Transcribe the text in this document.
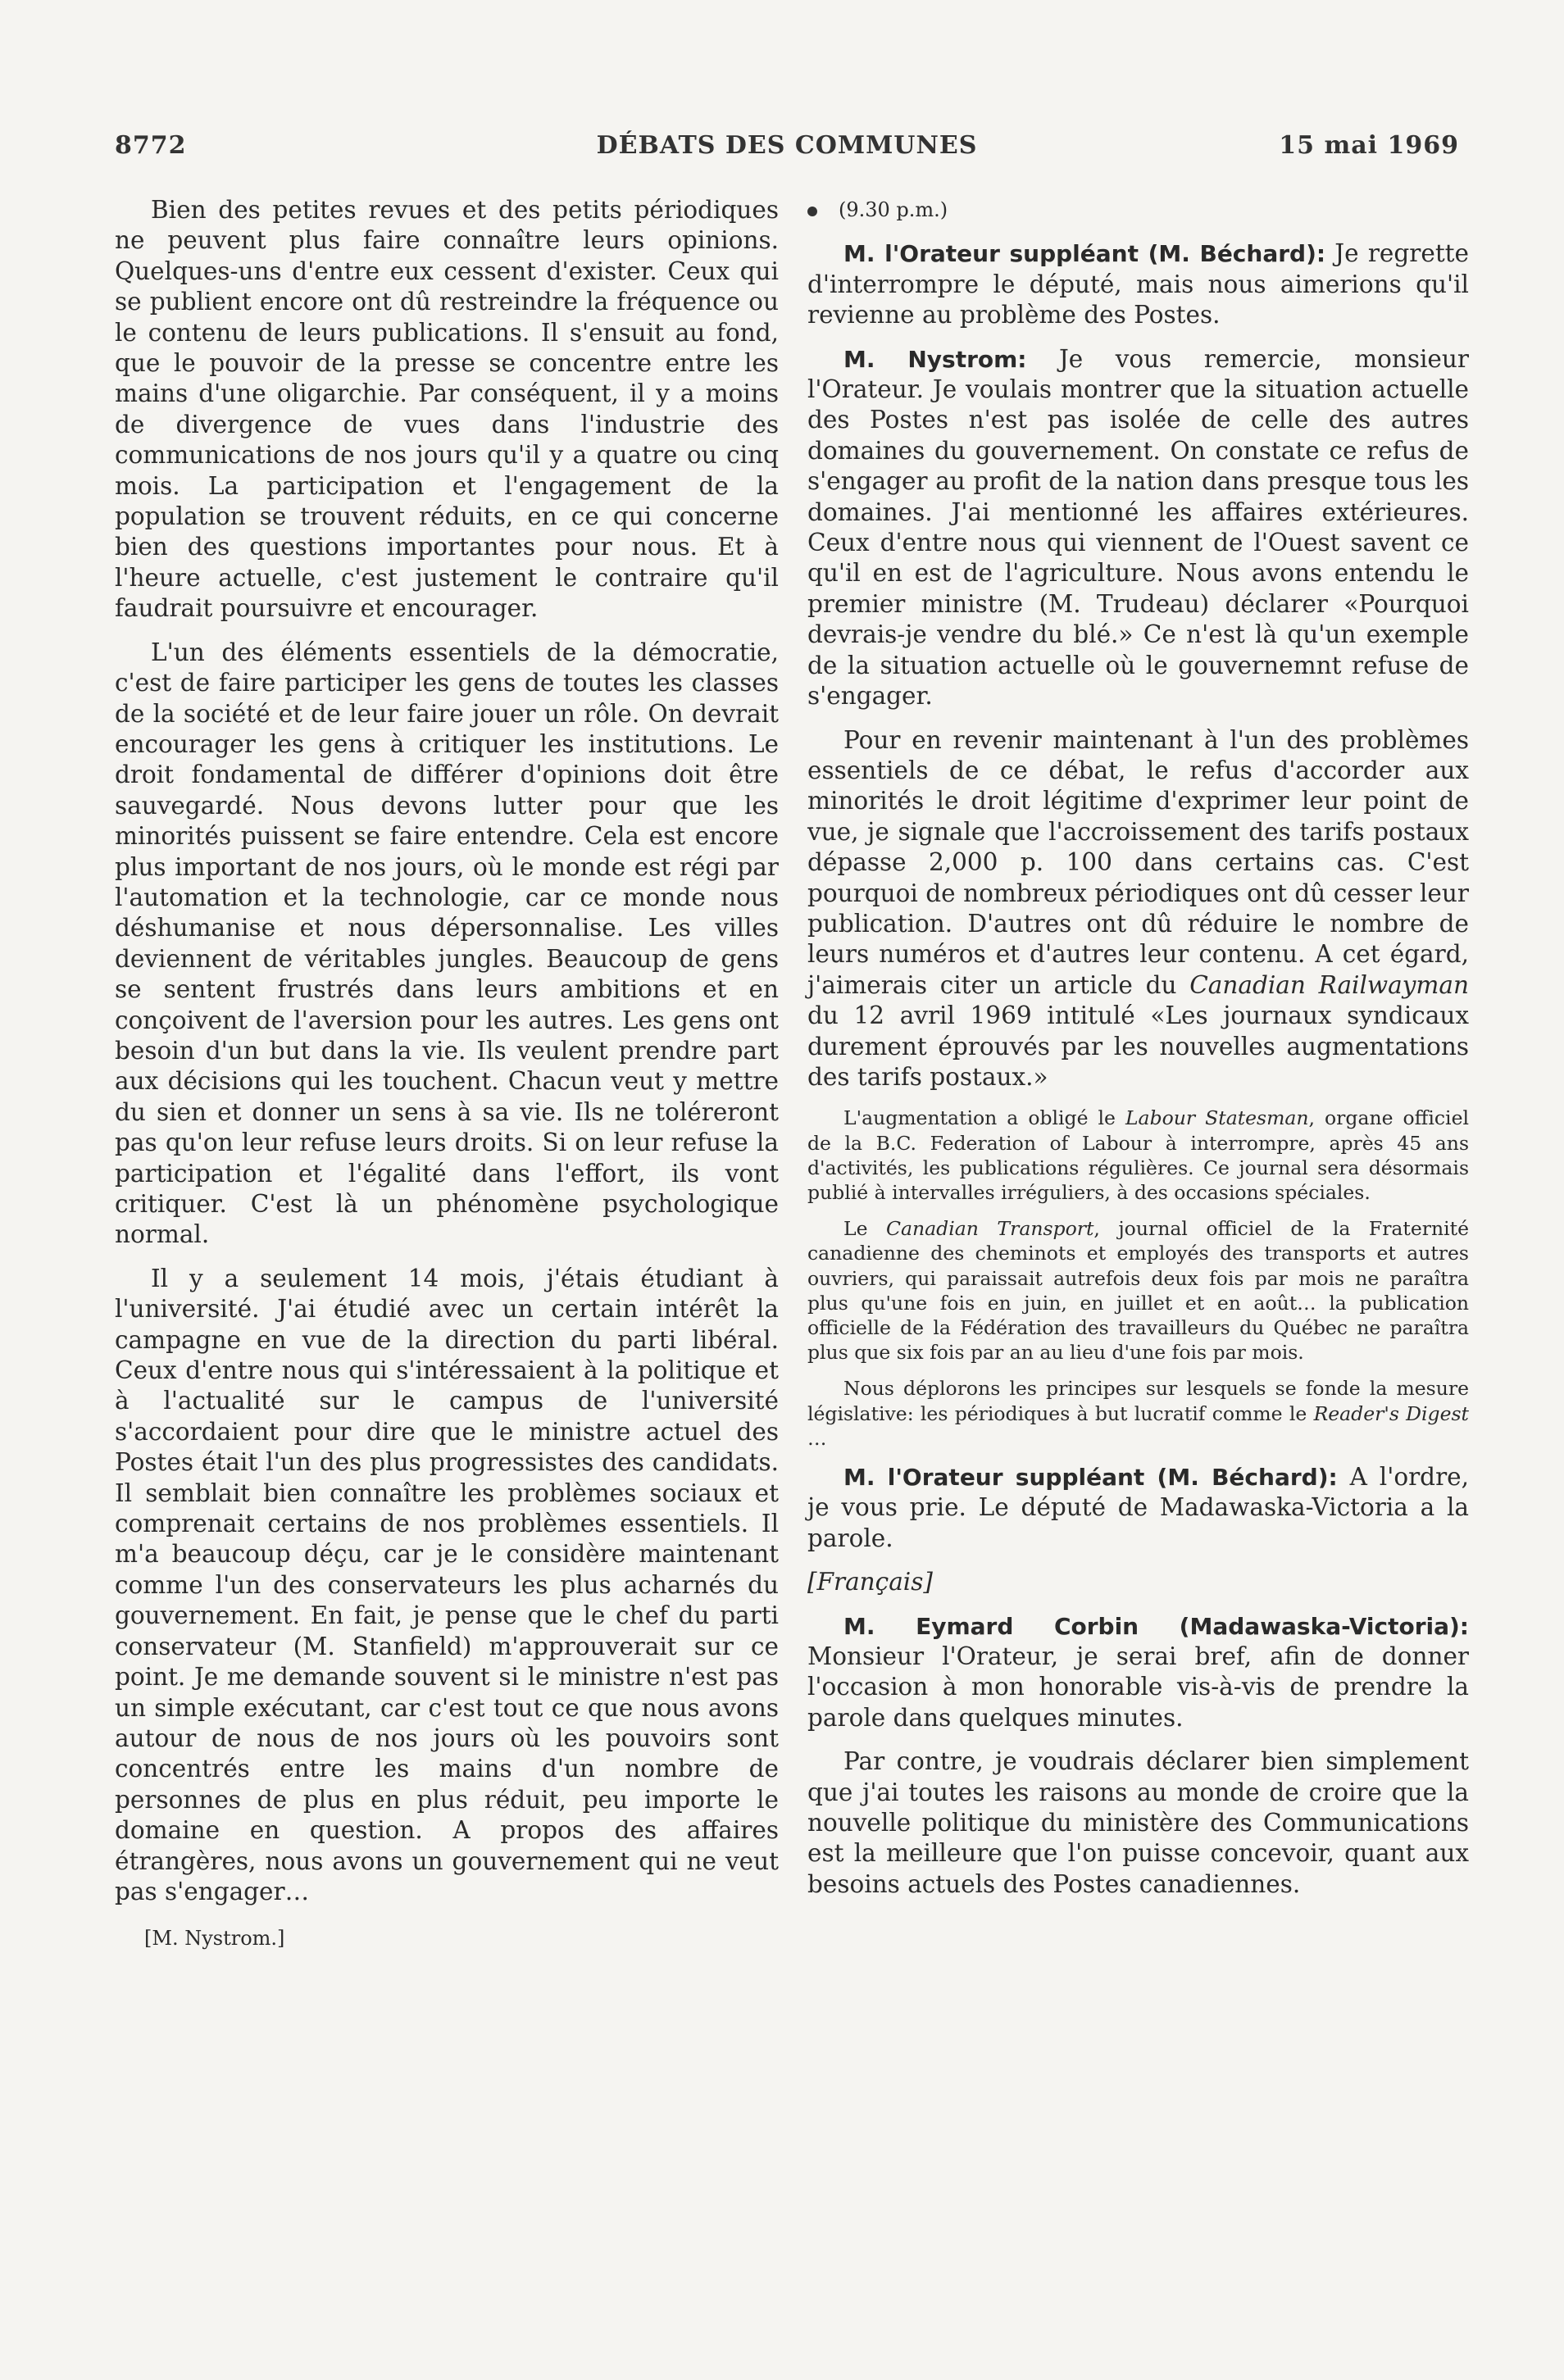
DÉBATS DES COMMUNES
8772	15 mai 1969

Bien des petites revues et des petits périodiques ne peuvent plus faire connaître leurs opinions. Quelques-uns d'entre eux cessent d'exister. Ceux qui se publient encore ont dû restreindre la fréquence ou le contenu de leurs publications. Il s'ensuit au fond, que le pouvoir de la presse se concentre entre les mains d'une oligarchie. Par conséquent, il y a moins de divergence de vues dans l'industrie des communications de nos jours qu'il y a quatre ou cinq mois. La participation et l'engagement de la population se trouvent réduits, en ce qui concerne bien des questions importantes pour nous. Et à l'heure actuelle, c'est justement le contraire qu'il faudrait poursuivre et encourager.

L'un des éléments essentiels de la démocratie, c'est de faire participer les gens de toutes les classes de la société et de leur faire jouer un rôle. On devrait encourager les gens à critiquer les institutions. Le droit fondamental de différer d'opinions doit être sauvegardé. Nous devons lutter pour que les minorités puissent se faire entendre. Cela est encore plus important de nos jours, où le monde est régi par l'automation et la technologie, car ce monde nous déshumanise et nous dépersonnalise. Les villes deviennent de véritables jungles. Beaucoup de gens se sentent frustrés dans leurs ambitions et en conçoivent de l'aversion pour les autres. Les gens ont besoin d'un but dans la vie. Ils veulent prendre part aux décisions qui les touchent. Chacun veut y mettre du sien et donner un sens à sa vie. Ils ne toléreront pas qu'on leur refuse leurs droits. Si on leur refuse la participation et l'égalité dans l'effort, ils vont critiquer. C'est là un phénomène psychologique normal.

Il y a seulement 14 mois, j'étais étudiant à l'université. J'ai étudié avec un certain intérêt la campagne en vue de la direction du parti libéral. Ceux d'entre nous qui s'intéressaient à la politique et à l'actualité sur le campus de l'université s'accordaient pour dire que le ministre actuel des Postes était l'un des plus progressistes des candidats. Il semblait bien connaître les problèmes sociaux et comprenait certains de nos problèmes essentiels. Il m'a beaucoup déçu, car je le considère maintenant comme l'un des conservateurs les plus acharnés du gouvernement. En fait, je pense que le chef du parti conservateur (M. Stanfield) m'approuverait sur ce point. Je me demande souvent si le ministre n'est pas un simple exécutant, car c'est tout ce que nous avons autour de nous de nos jours où les pouvoirs sont concentrés entre les mains d'un nombre de personnes de plus en plus réduit, peu importe le domaine en question. A propos des affaires étrangères, nous avons un gouvernement qui ne veut pas s'engager…

[M. Nystrom.]

(9.30 p.m.)

M. l'Orateur suppléant (M. Béchard): Je regrette d'interrompre le député, mais nous aimerions qu'il revienne au problème des Postes.

M. Nystrom: Je vous remercie, monsieur l'Orateur. Je voulais montrer que la situation actuelle des Postes n'est pas isolée de celle des autres domaines du gouvernement. On constate ce refus de s'engager au profit de la nation dans presque tous les domaines. J'ai mentionné les affaires extérieures. Ceux d'entre nous qui viennent de l'Ouest savent ce qu'il en est de l'agriculture. Nous avons entendu le premier ministre (M. Trudeau) déclarer «Pourquoi devrais-je vendre du blé.» Ce n'est là qu'un exemple de la situation actuelle où le gouvernemnt refuse de s'engager.

Pour en revenir maintenant à l'un des problèmes essentiels de ce débat, le refus d'accorder aux minorités le droit légitime d'exprimer leur point de vue, je signale que l'accroissement des tarifs postaux dépasse 2,000 p. 100 dans certains cas. C'est pourquoi de nombreux périodiques ont dû cesser leur publication. D'autres ont dû réduire le nombre de leurs numéros et d'autres leur contenu. A cet égard, j'aimerais citer un article du Canadian Railwayman du 12 avril 1969 intitulé «Les journaux syndicaux durement éprouvés par les nouvelles augmentations des tarifs postaux.»

L'augmentation a obligé le Labour Statesman, organe officiel de la B.C. Federation of Labour à interrompre, après 45 ans d'activités, les publications régulières. Ce journal sera désormais publié à intervalles irréguliers, à des occasions spéciales.

Le Canadian Transport, journal officiel de la Fraternité canadienne des cheminots et employés des transports et autres ouvriers, qui paraissait autrefois deux fois par mois ne paraîtra plus qu'une fois en juin, en juillet et en août… la publication officielle de la Fédération des travailleurs du Québec ne paraîtra plus que six fois par an au lieu d'une fois par mois.

Nous déplorons les principes sur lesquels se fonde la mesure législative: les périodiques à but lucratif comme le Reader's Digest …

M. l'Orateur suppléant (M. Béchard): A l'ordre, je vous prie. Le député de Madawaska-Victoria a la parole.

[Français]

M. Eymard Corbin (Madawaska-Victoria): Monsieur l'Orateur, je serai bref, afin de donner l'occasion à mon honorable vis-à-vis de prendre la parole dans quelques minutes.

Par contre, je voudrais déclarer bien simplement que j'ai toutes les raisons au monde de croire que la nouvelle politique du ministère des Communications est la meilleure que l'on puisse concevoir, quant aux besoins actuels des Postes canadiennes.
